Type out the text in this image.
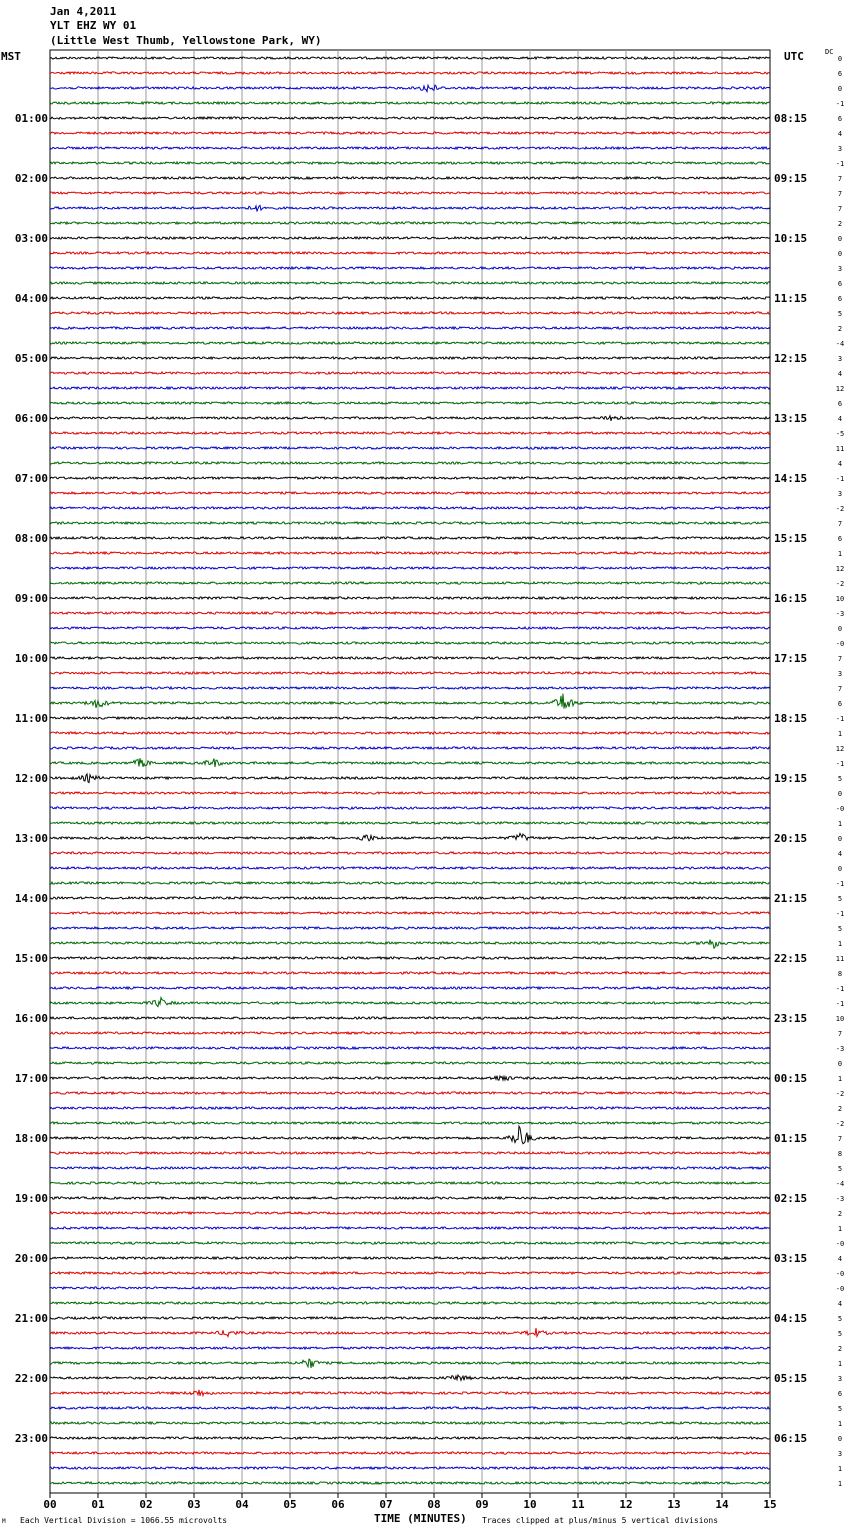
0
6
0
-1
6
4
3
-1
7
7
7
2
0
0
3
6
6
5
2
-4
3
4
12
6
4
-5
11
4
-1
3
-2
7
6
1
12
-2
10
-3
0
-0
7
3
7
6
-1
1
12
-1
5
0
-0
1
0
4
0
-1
5
-1
5
1
11
8
-1
-1
10
7
-3
0
1
-2
2
-2
7
8
5
-4
-3
2
1
-0
4
-0
-0
4
5
5
2
1
3
6
5
1
0
3
1
1
01:00	08:15
02:00	09:15
03:00	10:15
04:00	11:15
05:00	12:15
06:00	13:15
07:00	14:15
08:00	15:15
09:00	16:15
10:00	17:15
11:00	18:15
12:00	19:15
13:00	20:15
14:00	21:15
15:00	22:15
16:00	23:15
17:00	00:15
18:00	01:15
19:00	02:15
20:00	03:15
21:00	04:15
22:00	05:15
23:00	06:15
00	01	02	03	04	05	06	07	08	09	10	11	12	13	14	15
Jan 4,2011
YLT EHZ WY 01
(Little West Thumb, Yellowstone Park, WY)
MST	UTC	DC
TIME (MINUTES)
Each Vertical Division = 1066.55 microvolts	Traces clipped at plus/minus 5 vertical divisions
M
